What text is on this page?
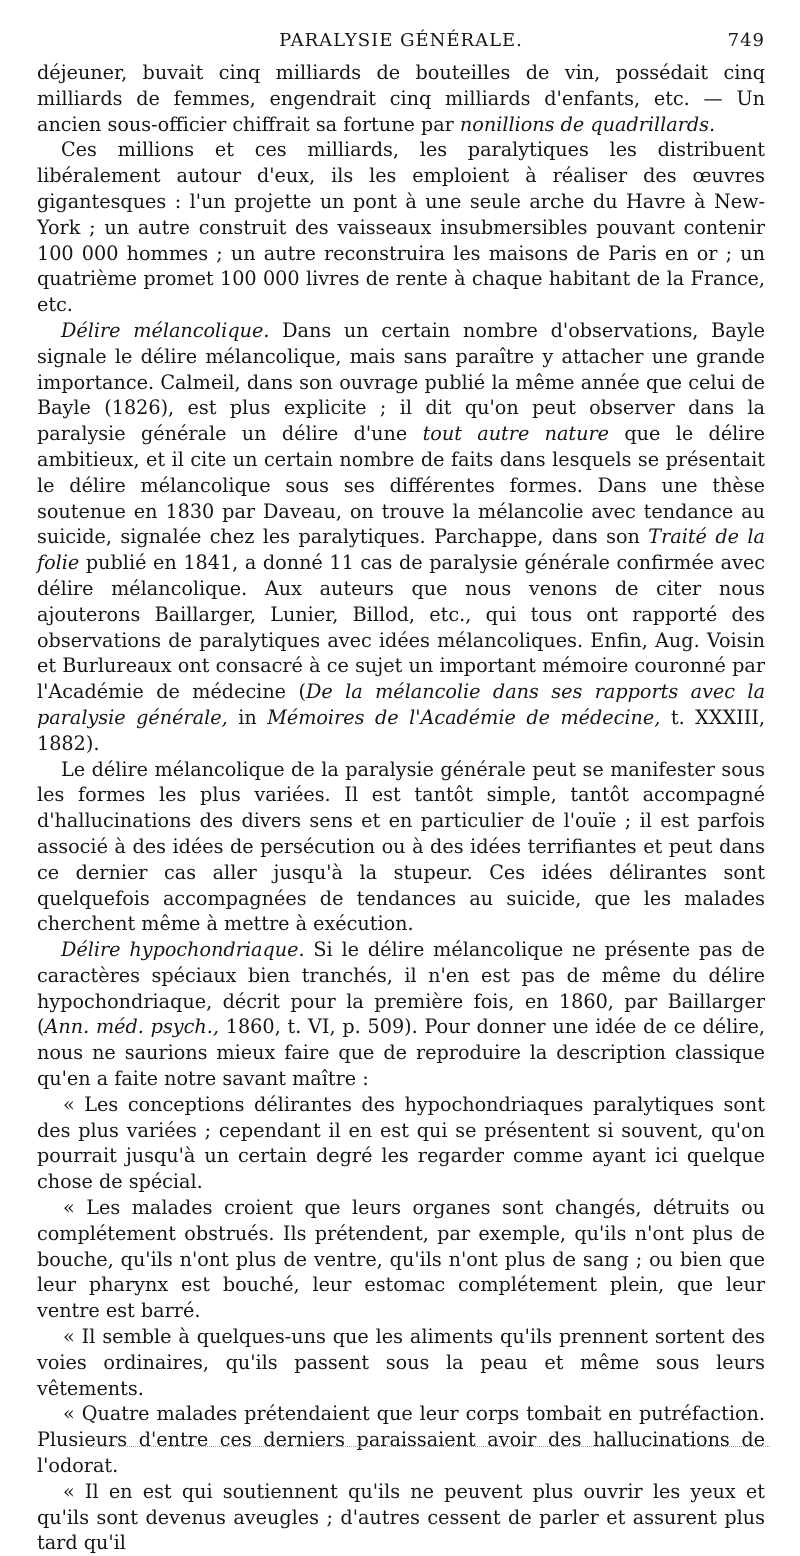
PARALYSIE GÉNÉRALE.	749

déjeuner, buvait cinq milliards de bouteilles de vin, possédait cinq milliards de femmes, engendrait cinq milliards d'enfants, etc. — Un ancien sous-officier chiffrait sa fortune par nonillions de quadrillards.

Ces millions et ces milliards, les paralytiques les distribuent libéralement autour d'eux, ils les emploient à réaliser des œuvres gigantesques : l'un projette un pont à une seule arche du Havre à New-York ; un autre construit des vaisseaux insubmersibles pouvant contenir 100 000 hommes ; un autre reconstruira les maisons de Paris en or ; un quatrième promet 100 000 livres de rente à chaque habitant de la France, etc.

Délire mélancolique. Dans un certain nombre d'observations, Bayle signale le délire mélancolique, mais sans paraître y attacher une grande importance. Calmeil, dans son ouvrage publié la même année que celui de Bayle (1826), est plus explicite ; il dit qu'on peut observer dans la paralysie générale un délire d'une tout autre nature que le délire ambitieux, et il cite un certain nombre de faits dans lesquels se présentait le délire mélancolique sous ses différentes formes. Dans une thèse soutenue en 1830 par Daveau, on trouve la mélancolie avec tendance au suicide, signalée chez les paralytiques. Parchappe, dans son Traité de la folie publié en 1841, a donné 11 cas de paralysie générale confirmée avec délire mélancolique. Aux auteurs que nous venons de citer nous ajouterons Baillarger, Lunier, Billod, etc., qui tous ont rapporté des observations de paralytiques avec idées mélancoliques. Enfin, Aug. Voisin et Burlureaux ont consacré à ce sujet un important mémoire couronné par l'Académie de médecine (De la mélancolie dans ses rapports avec la paralysie générale, in Mémoires de l'Académie de médecine, t. XXXIII, 1882).

Le délire mélancolique de la paralysie générale peut se manifester sous les formes les plus variées. Il est tantôt simple, tantôt accompagné d'hallucinations des divers sens et en particulier de l'ouïe ; il est parfois associé à des idées de persécution ou à des idées terrifiantes et peut dans ce dernier cas aller jusqu'à la stupeur. Ces idées délirantes sont quelquefois accompagnées de tendances au suicide, que les malades cherchent même à mettre à exécution.

Délire hypochondriaque. Si le délire mélancolique ne présente pas de caractères spéciaux bien tranchés, il n'en est pas de même du délire hypochondriaque, décrit pour la première fois, en 1860, par Baillarger (Ann. méd. psych., 1860, t. VI, p. 509). Pour donner une idée de ce délire, nous ne saurions mieux faire que de reproduire la description classique qu'en a faite notre savant maître :

« Les conceptions délirantes des hypochondriaques paralytiques sont des plus variées ; cependant il en est qui se présentent si souvent, qu'on pourrait jusqu'à un certain degré les regarder comme ayant ici quelque chose de spécial.

« Les malades croient que leurs organes sont changés, détruits ou complétement obstrués. Ils prétendent, par exemple, qu'ils n'ont plus de bouche, qu'ils n'ont plus de ventre, qu'ils n'ont plus de sang ; ou bien que leur pharynx est bouché, leur estomac complétement plein, que leur ventre est barré.

« Il semble à quelques-uns que les aliments qu'ils prennent sortent des voies ordinaires, qu'ils passent sous la peau et même sous leurs vêtements.

« Quatre malades prétendaient que leur corps tombait en putréfaction. Plusieurs d'entre ces derniers paraissaient avoir des hallucinations de l'odorat.

« Il en est qui soutiennent qu'ils ne peuvent plus ouvrir les yeux et qu'ils sont devenus aveugles ; d'autres cessent de parler et assurent plus tard qu'il
